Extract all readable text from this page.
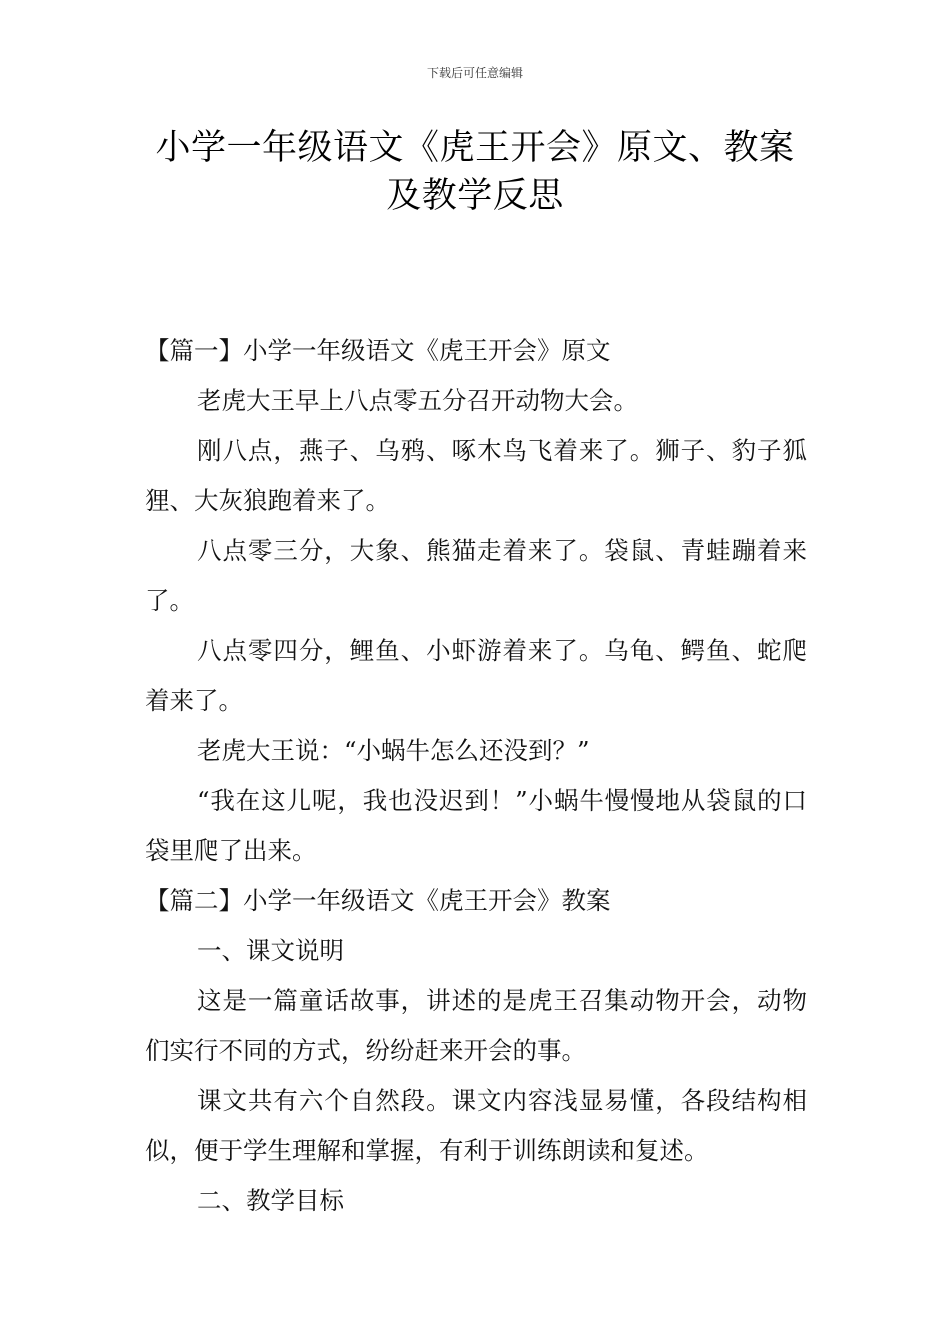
下载后可任意编辑
小学一年级语文《虎王开会》原文、教案
及教学反思

【篇一】小学一年级语文《虎王开会》原文

老虎大王早上八点零五分召开动物大会。

刚八点，燕子、乌鸦、啄木鸟飞着来了。狮子、豹子狐狸、大灰狼跑着来了。

八点零三分，大象、熊猫走着来了。袋鼠、青蛙蹦着来了。

八点零四分，鲤鱼、小虾游着来了。乌龟、鳄鱼、蛇爬着来了。

老虎大王说：“小蜗牛怎么还没到？”

“我在这儿呢，我也没迟到！”小蜗牛慢慢地从袋鼠的口袋里爬了出来。

【篇二】小学一年级语文《虎王开会》教案

一、课文说明

这是一篇童话故事，讲述的是虎王召集动物开会，动物们实行不同的方式，纷纷赶来开会的事。

课文共有六个自然段。课文内容浅显易懂，各段结构相似，便于学生理解和掌握，有利于训练朗读和复述。

二、教学目标
